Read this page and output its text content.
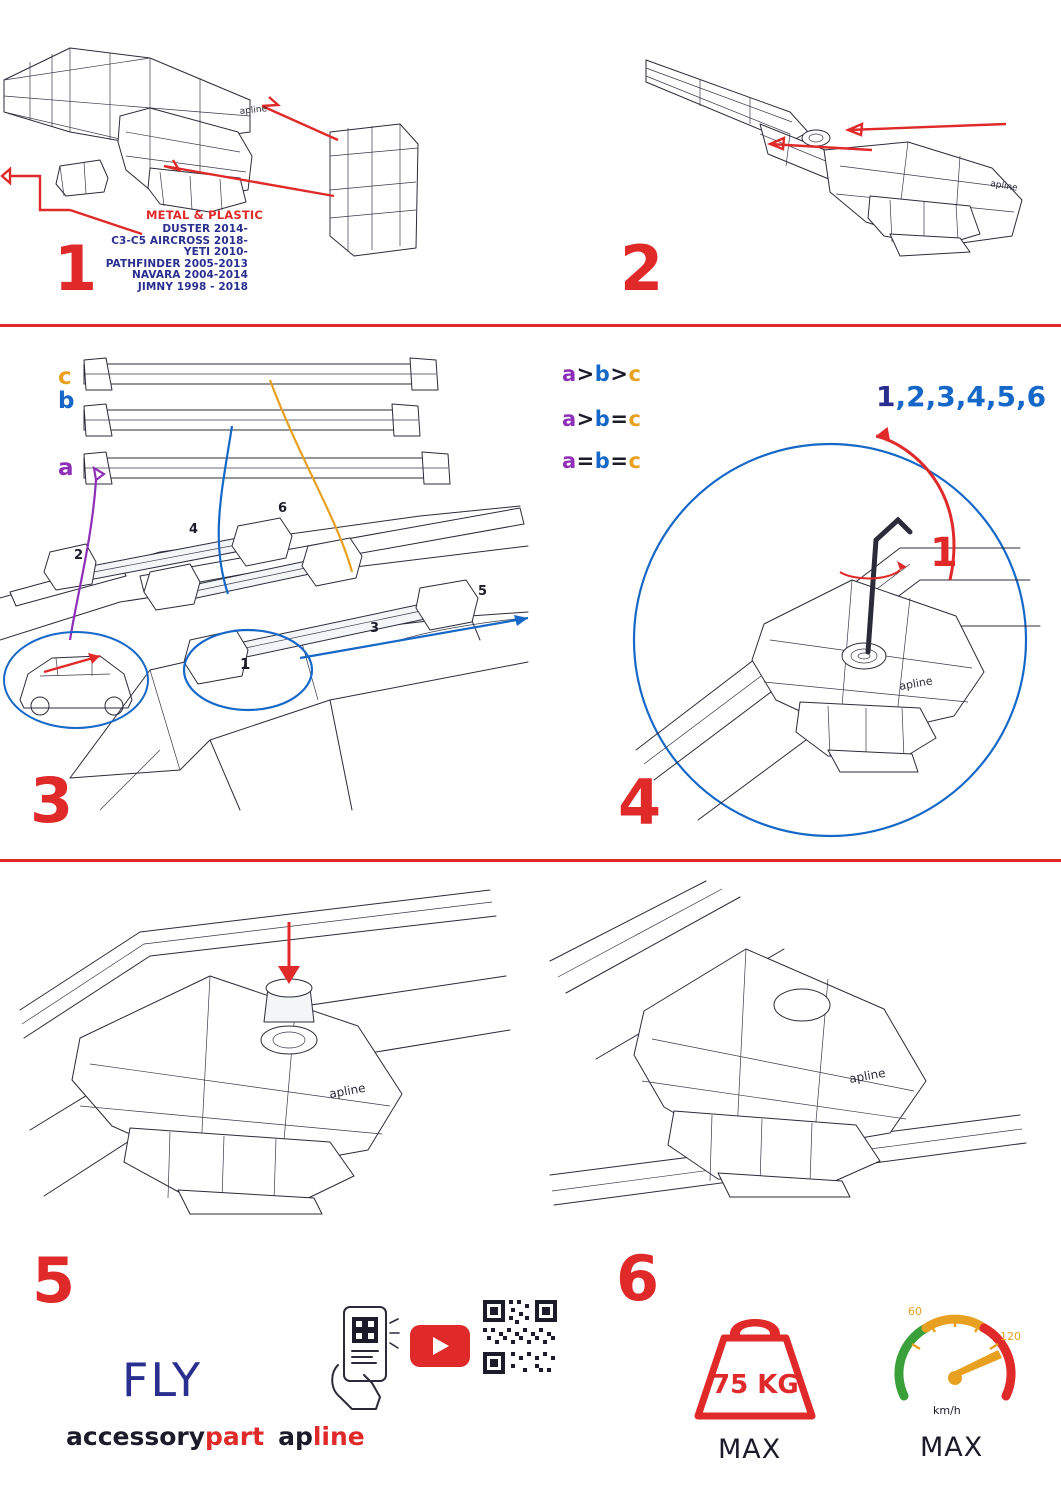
apline
METAL & PLASTIC
DUSTER 2014-
C3-C5 AIRCROSS 2018-
YETI 2010-
PATHFINDER 2005-2013
NAVARA 2004-2014
JIMNY 1998 - 2018
1
apline
2
c
b
a
a>b>c
a>b=c
a=b=c
2
4
6
5
3
1
3
apline
1,2,3,4,5,6
1
4
apline
5
FLY
accessorypart apline
apline
6
75 KG
MAX
60
120
km/h
MAX
